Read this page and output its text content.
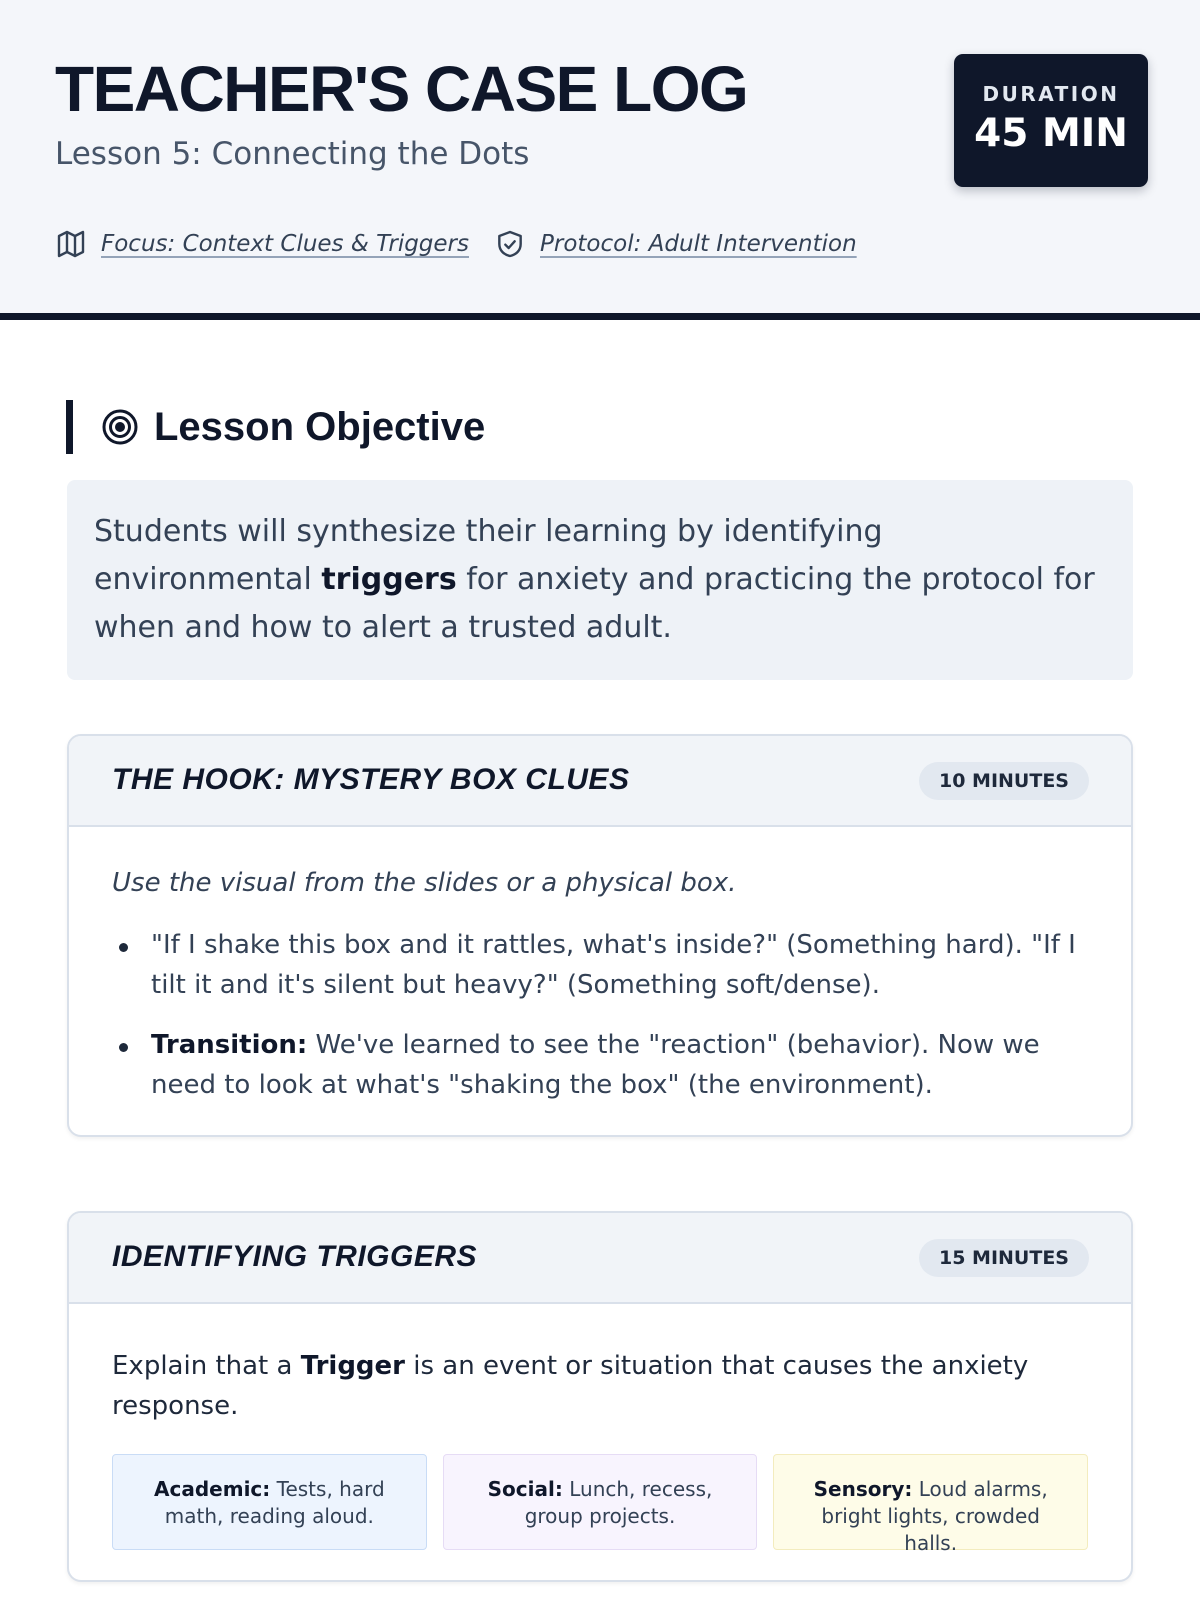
TEACHER'S CASE LOG
Lesson 5: Connecting the Dots
DURATION
45 MIN
Focus: Context Clues & Triggers	Protocol: Adult Intervention
Lesson Objective
Students will synthesize their learning by identifying environmental triggers for anxiety and practicing the protocol for when and how to alert a trusted adult.
THE HOOK: MYSTERY BOX CLUES	10 MINUTES
Use the visual from the slides or a physical box.
"If I shake this box and it rattles, what's inside?" (Something hard). "If I tilt it and it's silent but heavy?" (Something soft/dense).
Transition: We've learned to see the "reaction" (behavior). Now we need to look at what's "shaking the box" (the environment).
IDENTIFYING TRIGGERS	15 MINUTES
Explain that a Trigger is an event or situation that causes the anxiety response.
Academic: Tests, hard math, reading aloud.
Social: Lunch, recess, group projects.
Sensory: Loud alarms, bright lights, crowded halls.
